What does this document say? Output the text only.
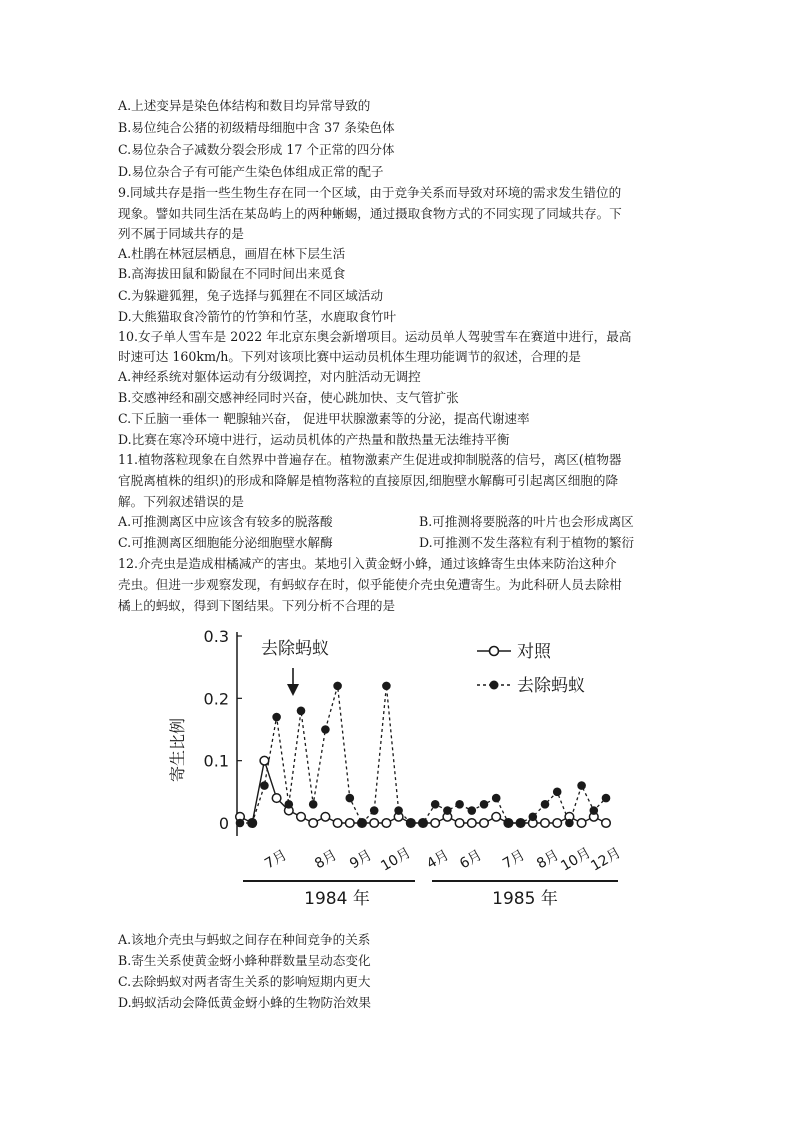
A.上述变异是染色体结构和数目均异常导致的
B.易位纯合公猪的初级精母细胞中含 37 条染色体
C.易位杂合子减数分裂会形成 17 个正常的四分体
D.易位杂合子有可能产生染色体组成正常的配子
9.同域共存是指一些生物生存在同一个区域，由于竞争关系而导致对环境的需求发生错位的
现象。譬如共同生活在某岛屿上的两种蜥蜴，通过摄取食物方式的不同实现了同域共存。下
列不属于同域共存的是
A.杜鹃在林冠层栖息，画眉在林下层生活
B.高海拔田鼠和鼢鼠在不同时间出来觅食
C.为躲避狐狸，兔子选择与狐狸在不同区域活动
D.大熊猫取食冷箭竹的竹笋和竹茎，水鹿取食竹叶
10.女子单人雪车是 2022 年北京东奥会新增项目。运动员单人驾驶雪车在赛道中进行，最高
时速可达 160km/h。下列对该项比赛中运动员机体生理功能调节的叙述，合理的是
A.神经系统对躯体运动有分级调控，对内脏活动无调控
B.交感神经和副交感神经同时兴奋，使心跳加快、支气管扩张
C.下丘脑一垂体一 靶腺轴兴奋， 促进甲状腺激素等的分泌，提高代谢速率
D.比赛在寒冷环境中进行，运动员机体的产热量和散热量无法维持平衡
11.植物落粒现象在自然界中普遍存在。植物激素产生促进或抑制脱落的信号，离区(植物器
官脱离植株的组织)的形成和降解是植物落粒的直接原因,细胞壁水解酶可引起离区细胞的降
解。下列叙述错误的是
A.可推测离区中应该含有较多的脱落酸	B.可推测将要脱落的叶片也会形成离区
C.可推测离区细胞能分泌细胞壁水解酶	D.可推测不发生落粒有利于植物的繁衍
12.介壳虫是造成柑橘减产的害虫。某地引入黄金蚜小蜂，通过该蜂寄生虫体来防治这种介
壳虫。但进一步观察发现，有蚂蚁存在时，似乎能使介壳虫免遭寄生。为此科研人员去除柑
橘上的蚂蚁，得到下图结果。下列分析不合理的是
寄生比例
0
0.1
0.2
0.3
去除蚂蚁	对照
去除蚂蚁
7月 8月 9月 10月 4月 6月 7月 8月
10月
12月
1984 年	1985 年
A.该地介壳虫与蚂蚁之间存在种间竞争的关系
B.寄生关系使黄金蚜小蜂种群数量呈动态变化
C.去除蚂蚁对两者寄生关系的影响短期内更大
D.蚂蚁活动会降低黄金蚜小蜂的生物防治效果
